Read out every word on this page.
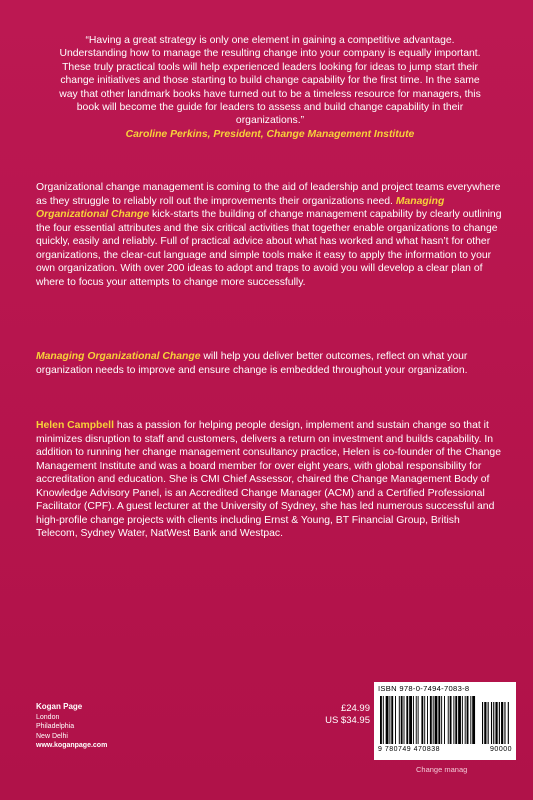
“Having a great strategy is only one element in gaining a competitive advantage. Understanding how to manage the resulting change into your company is equally important. These truly practical tools will help experienced leaders looking for ideas to jump start their change initiatives and those starting to build change capability for the first time. In the same way that other landmark books have turned out to be a timeless resource for managers, this book will become the guide for leaders to assess and build change capability in their organizations.”
Caroline Perkins, President, Change Management Institute
Organizational change management is coming to the aid of leadership and project teams everywhere as they struggle to reliably roll out the improvements their organizations need. Managing Organizational Change kick-starts the building of change management capability by clearly outlining the four essential attributes and the six critical activities that together enable organizations to change quickly, easily and reliably. Full of practical advice about what has worked and what hasn’t for other organizations, the clear-cut language and simple tools make it easy to apply the information to your own organization. With over 200 ideas to adopt and traps to avoid you will develop a clear plan of where to focus your attempts to change more successfully.
Managing Organizational Change will help you deliver better outcomes, reflect on what your organization needs to improve and ensure change is embedded throughout your organization.
Helen Campbell has a passion for helping people design, implement and sustain change so that it minimizes disruption to staff and customers, delivers a return on investment and builds capability. In addition to running her change management consultancy practice, Helen is co-founder of the Change Management Institute and was a board member for over eight years, with global responsibility for accreditation and education. She is CMI Chief Assessor, chaired the Change Management Body of Knowledge Advisory Panel, is an Accredited Change Manager (ACM) and a Certified Professional Facilitator (CPF). A guest lecturer at the University of Sydney, she has led numerous successful and high-profile change projects with clients including Ernst & Young, BT Financial Group, British Telecom, Sydney Water, NatWest Bank and Westpac.
Kogan Page
London
Philadelphia
New Delhi
www.koganpage.com
£24.99
US $34.95
ISBN 978-0-7494-7083-8
9 780749 470838	90000
Change manag
